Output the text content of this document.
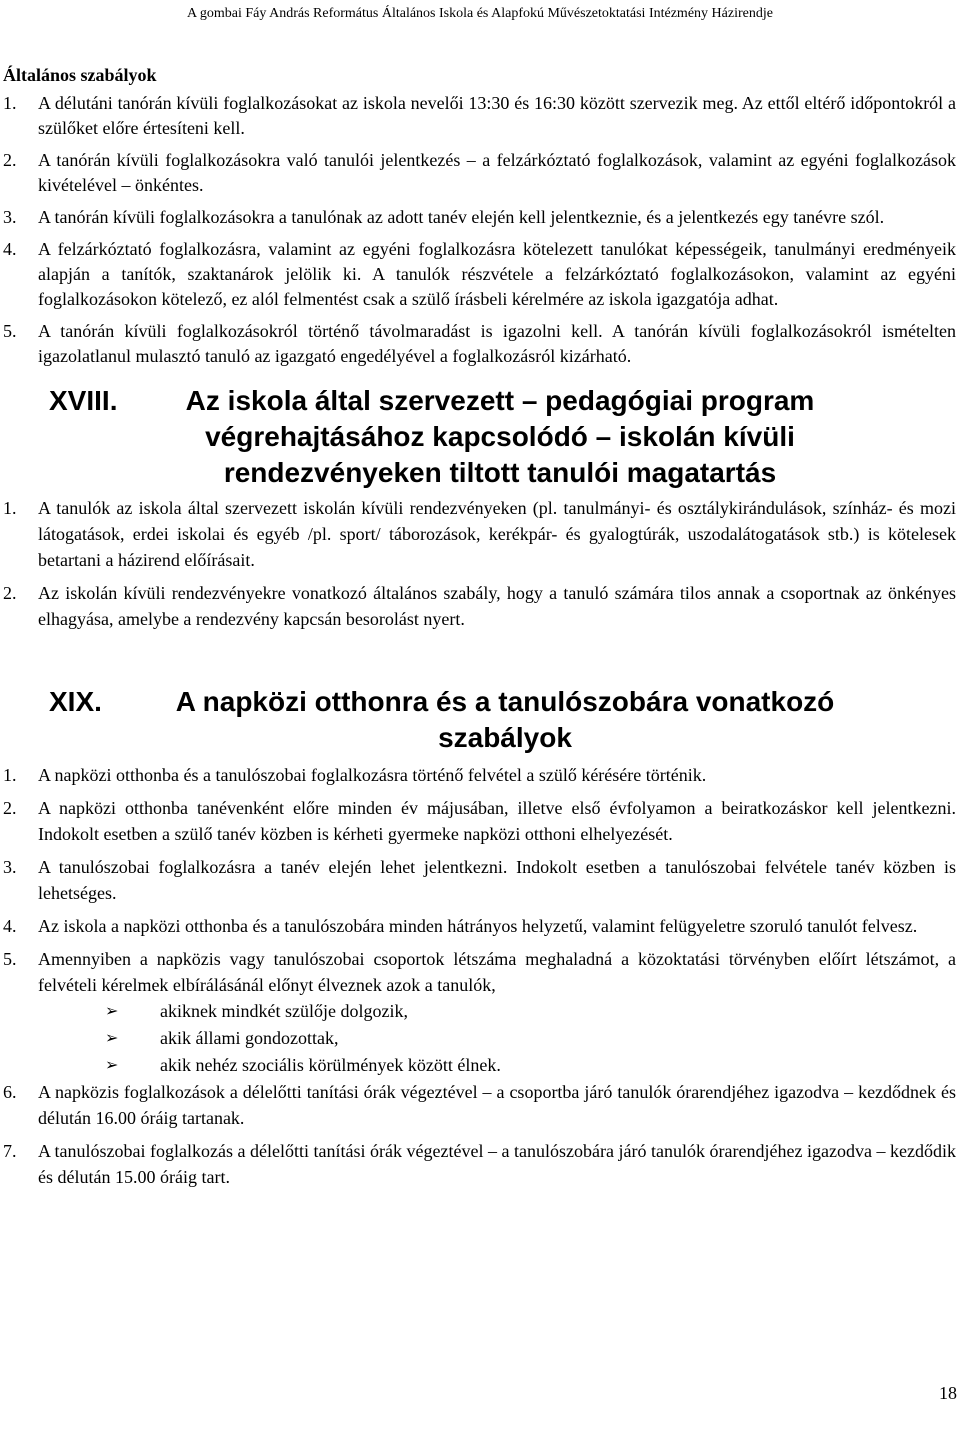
A gombai Fáy András Református Általános Iskola és Alapfokú Művészetoktatási Intézmény Házirendje
Általános szabályok
1. A délutáni tanórán kívüli foglalkozásokat az iskola nevelői 13:30 és 16:30 között szervezik meg. Az ettől eltérő időpontokról a szülőket előre értesíteni kell.
2. A tanórán kívüli foglalkozásokra való tanulói jelentkezés – a felzárkóztató foglalkozások, valamint az egyéni foglalkozások kivételével – önkéntes.
3. A tanórán kívüli foglalkozásokra a tanulónak az adott tanév elején kell jelentkeznie, és a jelentkezés egy tanévre szól.
4. A felzárkóztató foglalkozásra, valamint az egyéni foglalkozásra kötelezett tanulókat képességeik, tanulmányi eredményeik alapján a tanítók, szaktanárok jelölik ki. A tanulók részvétele a felzárkóztató foglalkozásokon, valamint az egyéni foglalkozásokon kötelező, ez alól felmentést csak a szülő írásbeli kérelmére az iskola igazgatója adhat.
5. A tanórán kívüli foglalkozásokról történő távolmaradást is igazolni kell. A tanórán kívüli foglalkozásokról ismételten igazolatlanul mulasztó tanuló az igazgató engedélyével a foglalkozásról kizárható.
XVIII.	Az iskola által szervezett – pedagógiai program végrehajtásához kapcsolódó – iskolán kívüli rendezvényeken tiltott tanulói magatartás
1. A tanulók az iskola által szervezett iskolán kívüli rendezvényeken (pl. tanulmányi- és osztálykirándulások, színház- és mozi látogatások, erdei iskolai és egyéb /pl. sport/ táborozások, kerékpár- és gyalogtúrák, uszodalátogatások stb.) is kötelesek betartani a házirend előírásait.
2. Az iskolán kívüli rendezvényekre vonatkozó általános szabály, hogy a tanuló számára tilos annak a csoportnak az önkényes elhagyása, amelybe a rendezvény kapcsán besorolást nyert.
XIX.	A napközi otthonra és a tanulószobára vonatkozó szabályok
1. A napközi otthonba és a tanulószobai foglalkozásra történő felvétel a szülő kérésére történik.
2. A napközi otthonba tanévenként előre minden év májusában, illetve első évfolyamon a beiratkozáskor kell jelentkezni. Indokolt esetben a szülő tanév közben is kérheti gyermeke napközi otthoni elhelyezését.
3. A tanulószobai foglalkozásra a tanév elején lehet jelentkezni. Indokolt esetben a tanulószobai felvétele tanév közben is lehetséges.
4. Az iskola a napközi otthonba és a tanulószobára minden hátrányos helyzetű, valamint felügyeletre szoruló tanulót felvesz.
5. Amennyiben a napközis vagy tanulószobai csoportok létszáma meghaladná a közoktatási törvényben előírt létszámot, a felvételi kérelmek elbírálásánál előnyt élveznek azok a tanulók,
➢ akiknek mindkét szülője dolgozik,
➢ akik állami gondozottak,
➢ akik nehéz szociális körülmények között élnek.
6. A napközis foglalkozások a délelőtti tanítási órák végeztével – a csoportba járó tanulók órarendjéhez igazodva – kezdődnek és délután 16.00 óráig tartanak.
7. A tanulószobai foglalkozás a délelőtti tanítási órák végeztével – a tanulószobára járó tanulók órarendjéhez igazodva – kezdődik és délután 15.00 óráig tart.
18
